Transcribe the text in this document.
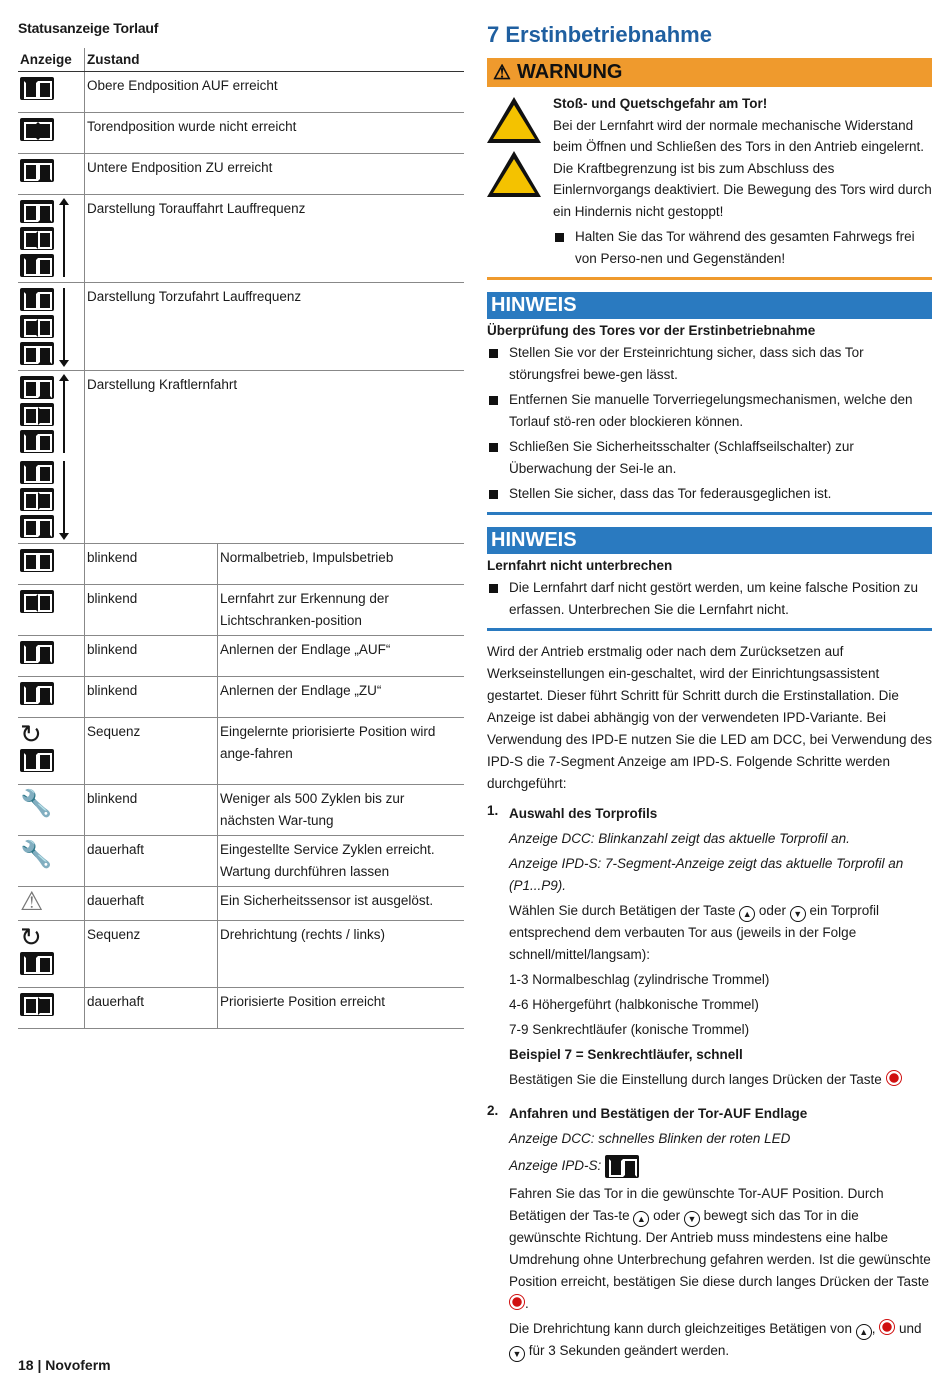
Statusanzeige Torlauf
Anzeige	Zustand	
	Obere Endposition AUF erreicht	
	Torendposition wurde nicht erreicht	
	Untere Endposition ZU erreicht	

	Darstellung Torauffahrt Lauffrequenz	

	Darstellung Torzufahrt Lauffrequenz	

	Darstellung Kraftlernfahrt	
	blinkend	Normalbetrieb, Impulsbetrieb
	blinkend	Lernfahrt zur Erkennung der Lichtschranken-position
	blinkend	Anlernen der Endlage „AUF“
	blinkend	Anlernen der Endlage „ZU“

↻	Sequenz	Eingelernte priorisierte Position wird ange-fahren
🔧	blinkend	Weniger als 500 Zyklen bis zur nächsten War-tung
🔧	dauerhaft	Eingestellte Service Zyklen erreicht. Wartung durchführen lassen
⚠	dauerhaft	Ein Sicherheitssensor ist ausgelöst.

↻	Sequenz	Drehrichtung (rechts / links)
	dauerhaft	Priorisierte Position erreicht
7 Erstinbetriebnahme
⚠ WARNUNG
Stoß- und Quetschgefahr am Tor!
Bei der Lernfahrt wird der normale mechanische Widerstand beim Öffnen und Schließen des Tors in den Antrieb eingelernt. Die Kraftbegrenzung ist bis zum Abschluss des Einlernvorgangs deaktiviert. Die Bewegung des Tors wird durch ein Hindernis nicht gestoppt!
Halten Sie das Tor während des gesamten Fahrwegs frei von Perso-nen und Gegenständen!
HINWEIS
Überprüfung des Tores vor der Erstinbetriebnahme
Stellen Sie vor der Ersteinrichtung sicher, dass sich das Tor störungsfrei bewe-gen lässt.
Entfernen Sie manuelle Torverriegelungsmechanismen, welche den Torlauf stö-ren oder blockieren können.
Schließen Sie Sicherheitsschalter (Schlaffseilschalter) zur Überwachung der Sei-le an.
Stellen Sie sicher, dass das Tor federausgeglichen ist.
HINWEIS
Lernfahrt nicht unterbrechen
Die Lernfahrt darf nicht gestört werden, um keine falsche Position zu erfassen. Unterbrechen Sie die Lernfahrt nicht.
Wird der Antrieb erstmalig oder nach dem Zurücksetzen auf Werkseinstellungen ein-geschaltet, wird der Einrichtungsassistent gestartet. Dieser führt Schritt für Schritt durch die Erstinstallation. Die Anzeige ist dabei abhängig von der verwendeten IPD-Variante. Bei Verwendung des IPD-E nutzen Sie die LED am DCC, bei Verwendung des IPD-S die 7-Segment Anzeige am IPD-S. Folgende Schritte werden durchgeführt:
1. Auswahl des Torprofils

Anzeige DCC: Blinkanzahl zeigt das aktuelle Torprofil an.

Anzeige IPD-S: 7-Segment-Anzeige zeigt das aktuelle Torprofil an (P1...P9).

Wählen Sie durch Betätigen der Taste ▲ oder ▼ ein Torprofil entsprechend dem verbauten Tor aus (jeweils in der Folge schnell/mittel/langsam):

1-3 Normalbeschlag (zylindrische Trommel)

4-6 Höhergeführt (halbkonische Trommel)

7-9 Senkrechtläufer (konische Trommel)

Beispiel 7 = Senkrechtläufer, schnell

Bestätigen Sie die Einstellung durch langes Drücken der Taste

2. Anfahren und Bestätigen der Tor-AUF Endlage

Anzeige DCC: schnelles Blinken der roten LED

Anzeige IPD-S:

Fahren Sie das Tor in die gewünschte Tor-AUF Position. Durch Betätigen der Tas-te ▲ oder ▼ bewegt sich das Tor in die gewünschte Richtung. Der Antrieb muss mindestens eine halbe Umdrehung ohne Unterbrechung gefahren werden. Ist die gewünschte Position erreicht, bestätigen Sie diese durch langes Drücken der Taste .

Die Drehrichtung kann durch gleichzeitiges Betätigen von ▲ ,  und ▼ für 3 Sekunden geändert werden.

18 | Novoferm
